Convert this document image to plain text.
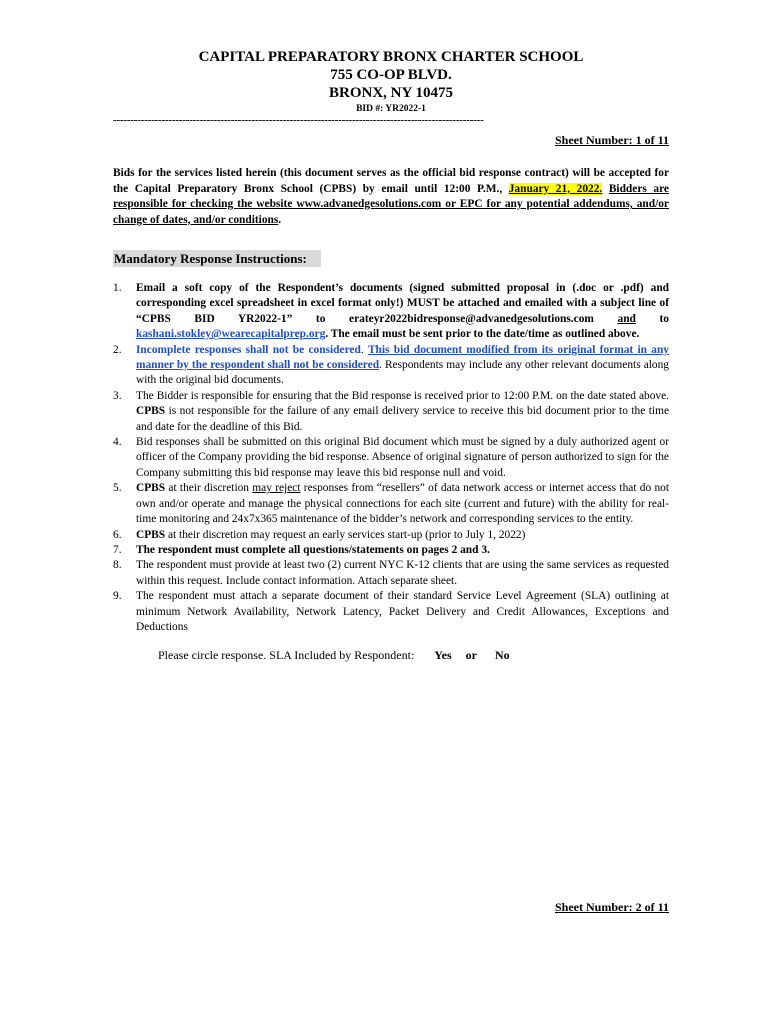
CAPITAL PREPARATORY BRONX CHARTER SCHOOL
755 CO-OP BLVD.
BRONX, NY 10475
BID #: YR2022-1
-----------------------------------------------------------------------------------------------------------
Sheet Number: 1 of 11
Bids for the services listed herein (this document serves as the official bid response contract) will be accepted for the Capital Preparatory Bronx School (CPBS) by email until 12:00 P.M., January 21, 2022. Bidders are responsible for checking the website www.advanedgesolutions.com or EPC for any potential addendums, and/or change of dates, and/or conditions.
Mandatory Response Instructions:
1. Email a soft copy of the Respondent’s documents (signed submitted proposal in (.doc or .pdf) and corresponding excel spreadsheet in excel format only!) MUST be attached and emailed with a subject line of “CPBS BID YR2022-1” to erateyr2022bidresponse@advanedgesolutions.com and to kashani.stokley@wearecapitalprep.org. The email must be sent prior to the date/time as outlined above.
2. Incomplete responses shall not be considered. This bid document modified from its original format in any manner by the respondent shall not be considered. Respondents may include any other relevant documents along with the original bid documents.
3. The Bidder is responsible for ensuring that the Bid response is received prior to 12:00 P.M. on the date stated above. CPBS is not responsible for the failure of any email delivery service to receive this bid document prior to the time and date for the deadline of this Bid.
4. Bid responses shall be submitted on this original Bid document which must be signed by a duly authorized agent or officer of the Company providing the bid response. Absence of original signature of person authorized to sign for the Company submitting this bid response may leave this bid response null and void.
5. CPBS at their discretion may reject responses from “resellers” of data network access or internet access that do not own and/or operate and manage the physical connections for each site (current and future) with the ability for real-time monitoring and 24x7x365 maintenance of the bidder’s network and corresponding services to the entity.
6. CPBS at their discretion may request an early services start-up (prior to July 1, 2022)
7. The respondent must complete all questions/statements on pages 2 and 3.
8. The respondent must provide at least two (2) current NYC K-12 clients that are using the same services as requested within this request. Include contact information. Attach separate sheet.
9. The respondent must attach a separate document of their standard Service Level Agreement (SLA) outlining at minimum Network Availability, Network Latency, Packet Delivery and Credit Allowances, Exceptions and Deductions
Please circle response. SLA Included by Respondent: Yes or No
Sheet Number: 2 of 11
